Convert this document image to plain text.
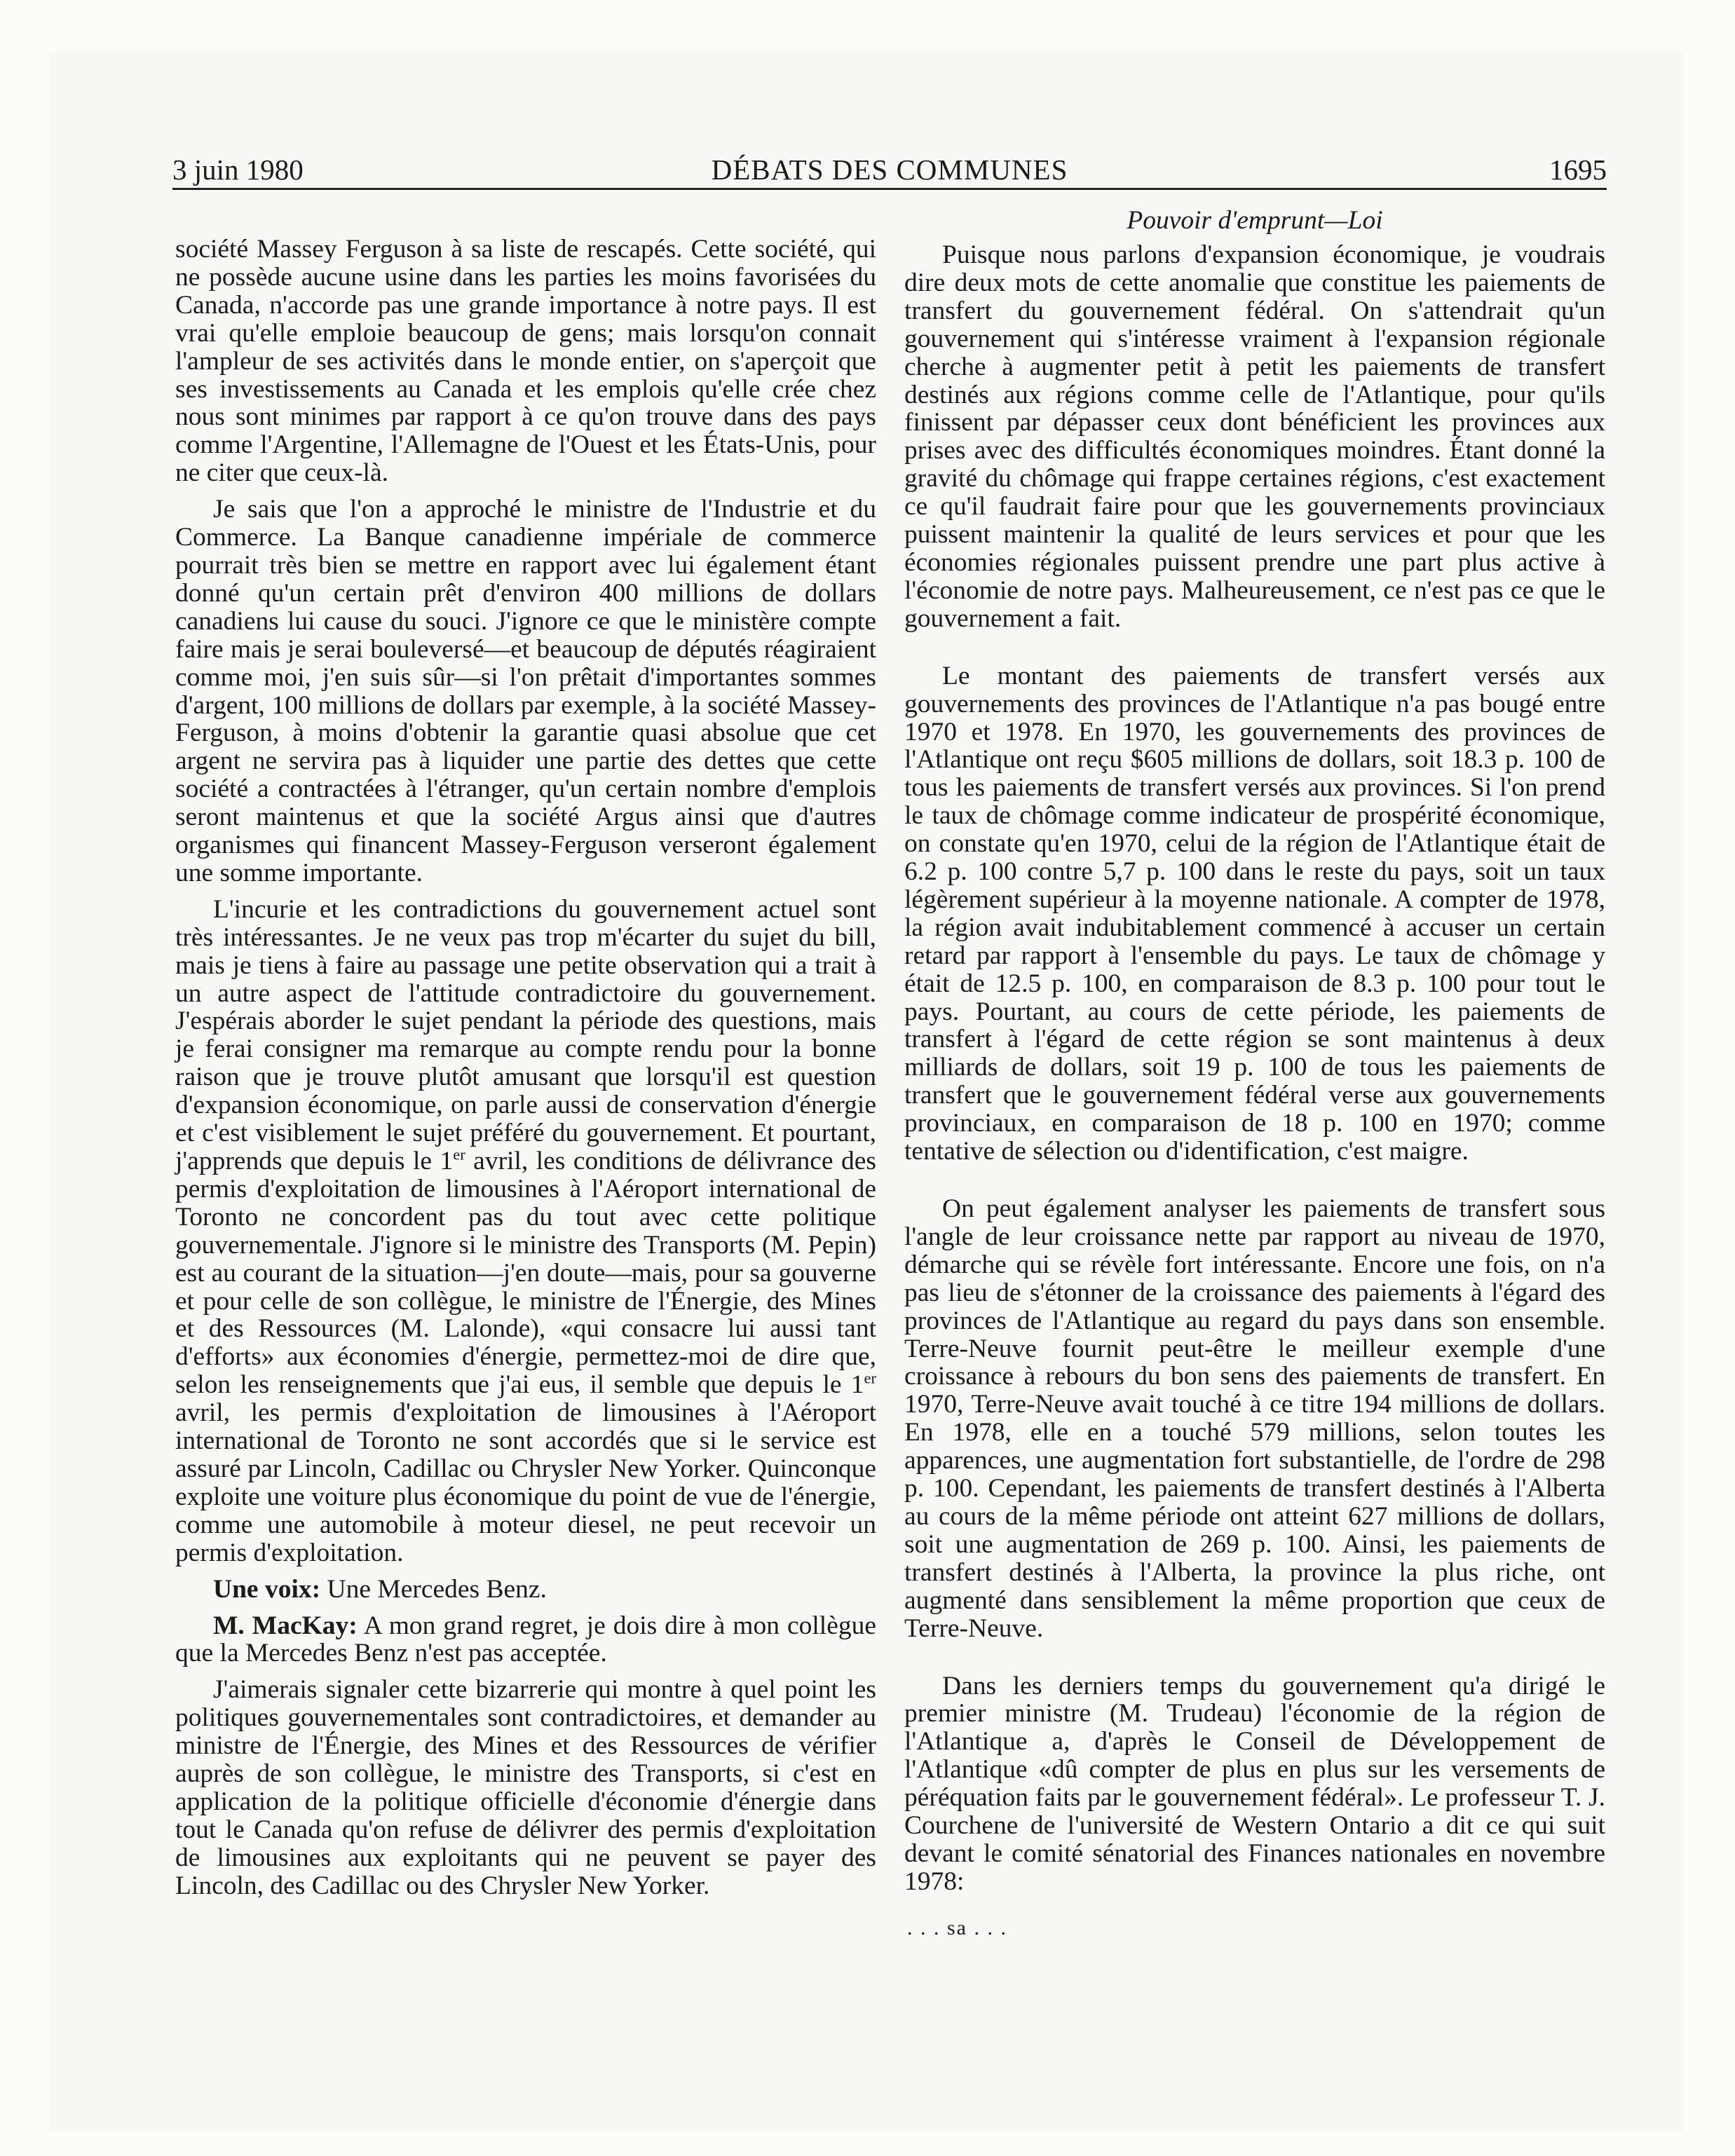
3 juin 1980	DÉBATS DES COMMUNES	1695

société Massey Ferguson à sa liste de rescapés. Cette société, qui ne possède aucune usine dans les parties les moins favorisées du Canada, n'accorde pas une grande importance à notre pays. Il est vrai qu'elle emploie beaucoup de gens; mais lorsqu'on connait l'ampleur de ses activités dans le monde entier, on s'aperçoit que ses investissements au Canada et les emplois qu'elle crée chez nous sont minimes par rapport à ce qu'on trouve dans des pays comme l'Argentine, l'Allemagne de l'Ouest et les États-Unis, pour ne citer que ceux-là.

Je sais que l'on a approché le ministre de l'Industrie et du Commerce. La Banque canadienne impériale de commerce pourrait très bien se mettre en rapport avec lui également étant donné qu'un certain prêt d'environ 400 millions de dollars canadiens lui cause du souci. J'ignore ce que le ministère compte faire mais je serai bouleversé—et beaucoup de députés réagiraient comme moi, j'en suis sûr—si l'on prêtait d'importantes sommes d'argent, 100 millions de dollars par exemple, à la société Massey-Ferguson, à moins d'obtenir la garantie quasi absolue que cet argent ne servira pas à liquider une partie des dettes que cette société a contractées à l'étranger, qu'un certain nombre d'emplois seront maintenus et que la société Argus ainsi que d'autres organismes qui financent Massey-Ferguson verseront également une somme importante.

L'incurie et les contradictions du gouvernement actuel sont très intéressantes. Je ne veux pas trop m'écarter du sujet du bill, mais je tiens à faire au passage une petite observation qui a trait à un autre aspect de l'attitude contradictoire du gouvernement. J'espérais aborder le sujet pendant la période des questions, mais je ferai consigner ma remarque au compte rendu pour la bonne raison que je trouve plutôt amusant que lorsqu'il est question d'expansion économique, on parle aussi de conservation d'énergie et c'est visiblement le sujet préféré du gouvernement. Et pourtant, j'apprends que depuis le 1er avril, les conditions de délivrance des permis d'exploitation de limousines à l'Aéroport international de Toronto ne concordent pas du tout avec cette politique gouvernementale. J'ignore si le ministre des Transports (M. Pepin) est au courant de la situation—j'en doute—mais, pour sa gouverne et pour celle de son collègue, le ministre de l'Énergie, des Mines et des Ressources (M. Lalonde), «qui consacre lui aussi tant d'efforts» aux économies d'énergie, permettez-moi de dire que, selon les renseignements que j'ai eus, il semble que depuis le 1er avril, les permis d'exploitation de limousines à l'Aéroport international de Toronto ne sont accordés que si le service est assuré par Lincoln, Cadillac ou Chrysler New Yorker. Quinconque exploite une voiture plus économique du point de vue de l'énergie, comme une automobile à moteur diesel, ne peut recevoir un permis d'exploitation.

Une voix: Une Mercedes Benz.

M. MacKay: A mon grand regret, je dois dire à mon collègue que la Mercedes Benz n'est pas acceptée.

J'aimerais signaler cette bizarrerie qui montre à quel point les politiques gouvernementales sont contradictoires, et demander au ministre de l'Énergie, des Mines et des Ressources de vérifier auprès de son collègue, le ministre des Transports, si c'est en application de la politique officielle d'économie d'énergie dans tout le Canada qu'on refuse de délivrer des permis d'exploitation de limousines aux exploitants qui ne peuvent se payer des Lincoln, des Cadillac ou des Chrysler New Yorker.

Pouvoir d'emprunt—Loi

Puisque nous parlons d'expansion économique, je voudrais dire deux mots de cette anomalie que constitue les paiements de transfert du gouvernement fédéral. On s'attendrait qu'un gouvernement qui s'intéresse vraiment à l'expansion régionale cherche à augmenter petit à petit les paiements de transfert destinés aux régions comme celle de l'Atlantique, pour qu'ils finissent par dépasser ceux dont bénéficient les provinces aux prises avec des difficultés économiques moindres. Étant donné la gravité du chômage qui frappe certaines régions, c'est exactement ce qu'il faudrait faire pour que les gouvernements provinciaux puissent maintenir la qualité de leurs services et pour que les économies régionales puissent prendre une part plus active à l'économie de notre pays. Malheureusement, ce n'est pas ce que le gouvernement a fait.

Le montant des paiements de transfert versés aux gouvernements des provinces de l'Atlantique n'a pas bougé entre 1970 et 1978. En 1970, les gouvernements des provinces de l'Atlantique ont reçu $605 millions de dollars, soit 18.3 p. 100 de tous les paiements de transfert versés aux provinces. Si l'on prend le taux de chômage comme indicateur de prospérité économique, on constate qu'en 1970, celui de la région de l'Atlantique était de 6.2 p. 100 contre 5,7 p. 100 dans le reste du pays, soit un taux légèrement supérieur à la moyenne nationale. A compter de 1978, la région avait indubitablement commencé à accuser un certain retard par rapport à l'ensemble du pays. Le taux de chômage y était de 12.5 p. 100, en comparaison de 8.3 p. 100 pour tout le pays. Pourtant, au cours de cette période, les paiements de transfert à l'égard de cette région se sont maintenus à deux milliards de dollars, soit 19 p. 100 de tous les paiements de transfert que le gouvernement fédéral verse aux gouvernements provinciaux, en comparaison de 18 p. 100 en 1970; comme tentative de sélection ou d'identification, c'est maigre.

On peut également analyser les paiements de transfert sous l'angle de leur croissance nette par rapport au niveau de 1970, démarche qui se révèle fort intéressante. Encore une fois, on n'a pas lieu de s'étonner de la croissance des paiements à l'égard des provinces de l'Atlantique au regard du pays dans son ensemble. Terre-Neuve fournit peut-être le meilleur exemple d'une croissance à rebours du bon sens des paiements de transfert. En 1970, Terre-Neuve avait touché à ce titre 194 millions de dollars. En 1978, elle en a touché 579 millions, selon toutes les apparences, une augmentation fort substantielle, de l'ordre de 298 p. 100. Cependant, les paiements de transfert destinés à l'Alberta au cours de la même période ont atteint 627 millions de dollars, soit une augmentation de 269 p. 100. Ainsi, les paiements de transfert destinés à l'Alberta, la province la plus riche, ont augmenté dans sensiblement la même proportion que ceux de Terre-Neuve.

Dans les derniers temps du gouvernement qu'a dirigé le premier ministre (M. Trudeau) l'économie de la région de l'Atlantique a, d'après le Conseil de Développement de l'Atlantique «dû compter de plus en plus sur les versements de péréquation faits par le gouvernement fédéral». Le professeur T. J. Courchene de l'université de Western Ontario a dit ce qui suit devant le comité sénatorial des Finances nationales en novembre 1978:

. . . sa . . .
